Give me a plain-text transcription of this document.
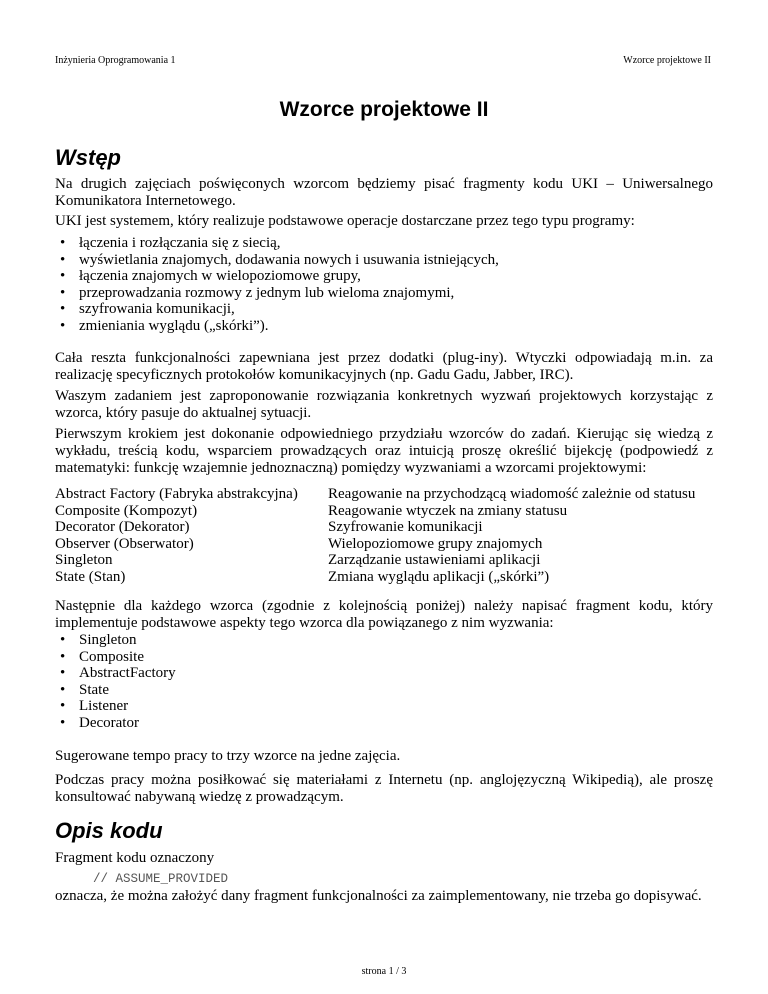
Inżynieria Oprogramowania 1	Wzorce projektowe II
Wzorce projektowe II
Wstęp
Na drugich zajęciach poświęconych wzorcom będziemy pisać fragmenty kodu UKI – Uniwersalnego Komunikatora Internetowego.
UKI jest systemem, który realizuje podstawowe operacje dostarczane przez tego typu programy:
• łączenia i rozłączania się z siecią,
• wyświetlania znajomych, dodawania nowych i usuwania istniejących,
• łączenia znajomych w wielopoziomowe grupy,
• przeprowadzania rozmowy z jednym lub wieloma znajomymi,
• szyfrowania komunikacji,
• zmieniania wyglądu („skórki”).
Cała reszta funkcjonalności zapewniana jest przez dodatki (plug-iny). Wtyczki odpowiadają m.in. za realizację specyficznych protokołów komunikacyjnych (np. Gadu Gadu, Jabber, IRC).
Waszym zadaniem jest zaproponowanie rozwiązania konkretnych wyzwań projektowych korzystając z wzorca, który pasuje do aktualnej sytuacji.
Pierwszym krokiem jest dokonanie odpowiedniego przydziału wzorców do zadań. Kierując się wiedzą z wykładu, treścią kodu, wsparciem prowadzących oraz intuicją proszę określić bijekcję (podpowiedź z matematyki: funkcję wzajemnie jednoznaczną) pomiędzy wyzwaniami a wzorcami projektowymi:
Abstract Factory (Fabryka abstrakcyjna)
Composite (Kompozyt)
Decorator (Dekorator)
Observer (Obserwator)
Singleton
State (Stan)
Reagowanie na przychodzącą wiadomość zależnie od statusu
Reagowanie wtyczek na zmiany statusu
Szyfrowanie komunikacji
Wielopoziomowe grupy znajomych
Zarządzanie ustawieniami aplikacji
Zmiana wyglądu aplikacji („skórki”)
Następnie dla każdego wzorca (zgodnie z kolejnością poniżej) należy napisać fragment kodu, który implementuje podstawowe aspekty tego wzorca dla powiązanego z nim wyzwania:
• Singleton
• Composite
• AbstractFactory
• State
• Listener
• Decorator
Sugerowane tempo pracy to trzy wzorce na jedne zajęcia.
Podczas pracy można posiłkować się materiałami z Internetu (np. anglojęzyczną Wikipedią), ale proszę konsultować nabywaną wiedzę z prowadzącym.
Opis kodu
Fragment kodu oznaczony
// ASSUME_PROVIDED
oznacza, że można założyć dany fragment funkcjonalności za zaimplementowany, nie trzeba go dopisywać.
strona 1 / 3
